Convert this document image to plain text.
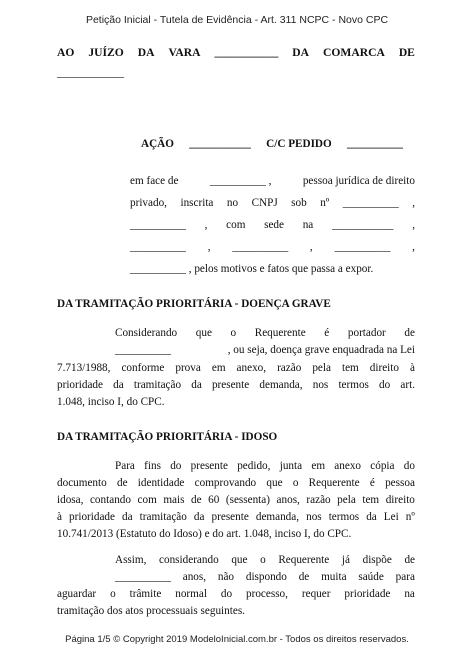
Petição Inicial - Tutela de Evidência - Art. 311 NCPC - Novo CPC
AO JUÍZO DA VARA ___________ DA COMARCA DE
____________
AÇÃO ___________ C/C PEDIDO __________
em face de	__________ ,	pessoa jurídica de direito
privado, inscrita no CNPJ sob nº __________ ,
__________ , com sede na ___________ ,
__________ , __________ , __________ ,
__________ , pelos motivos e fatos que passa a expor.
DA TRAMITAÇÃO PRIORITÁRIA - DOENÇA GRAVE
Considerando que o Requerente é portador de
__________	, ou seja, doença grave enquadrada na Lei
7.713/1988, conforme prova em anexo, razão pela tem direito à
prioridade da tramitação da presente demanda, nos termos do art.
1.048, inciso I, do CPC.
DA TRAMITAÇÃO PRIORITÁRIA - IDOSO
Para fins do presente pedido, junta em anexo cópia do
documento de identidade comprovando que o Requerente é pessoa
idosa, contando com mais de 60 (sessenta) anos, razão pela tem direito
à prioridade da tramitação da presente demanda, nos termos da Lei nº
10.741/2013 (Estatuto do Idoso) e do art. 1.048, inciso I, do CPC.
Assim, considerando que o Requerente já dispõe de
__________ anos, não dispondo de muita saúde para
aguardar o trâmite normal do processo, requer prioridade na
tramitação dos atos processuais seguintes.
Página 1/5 © Copyright 2019 ModeloInicial.com.br - Todos os direitos reservados.
